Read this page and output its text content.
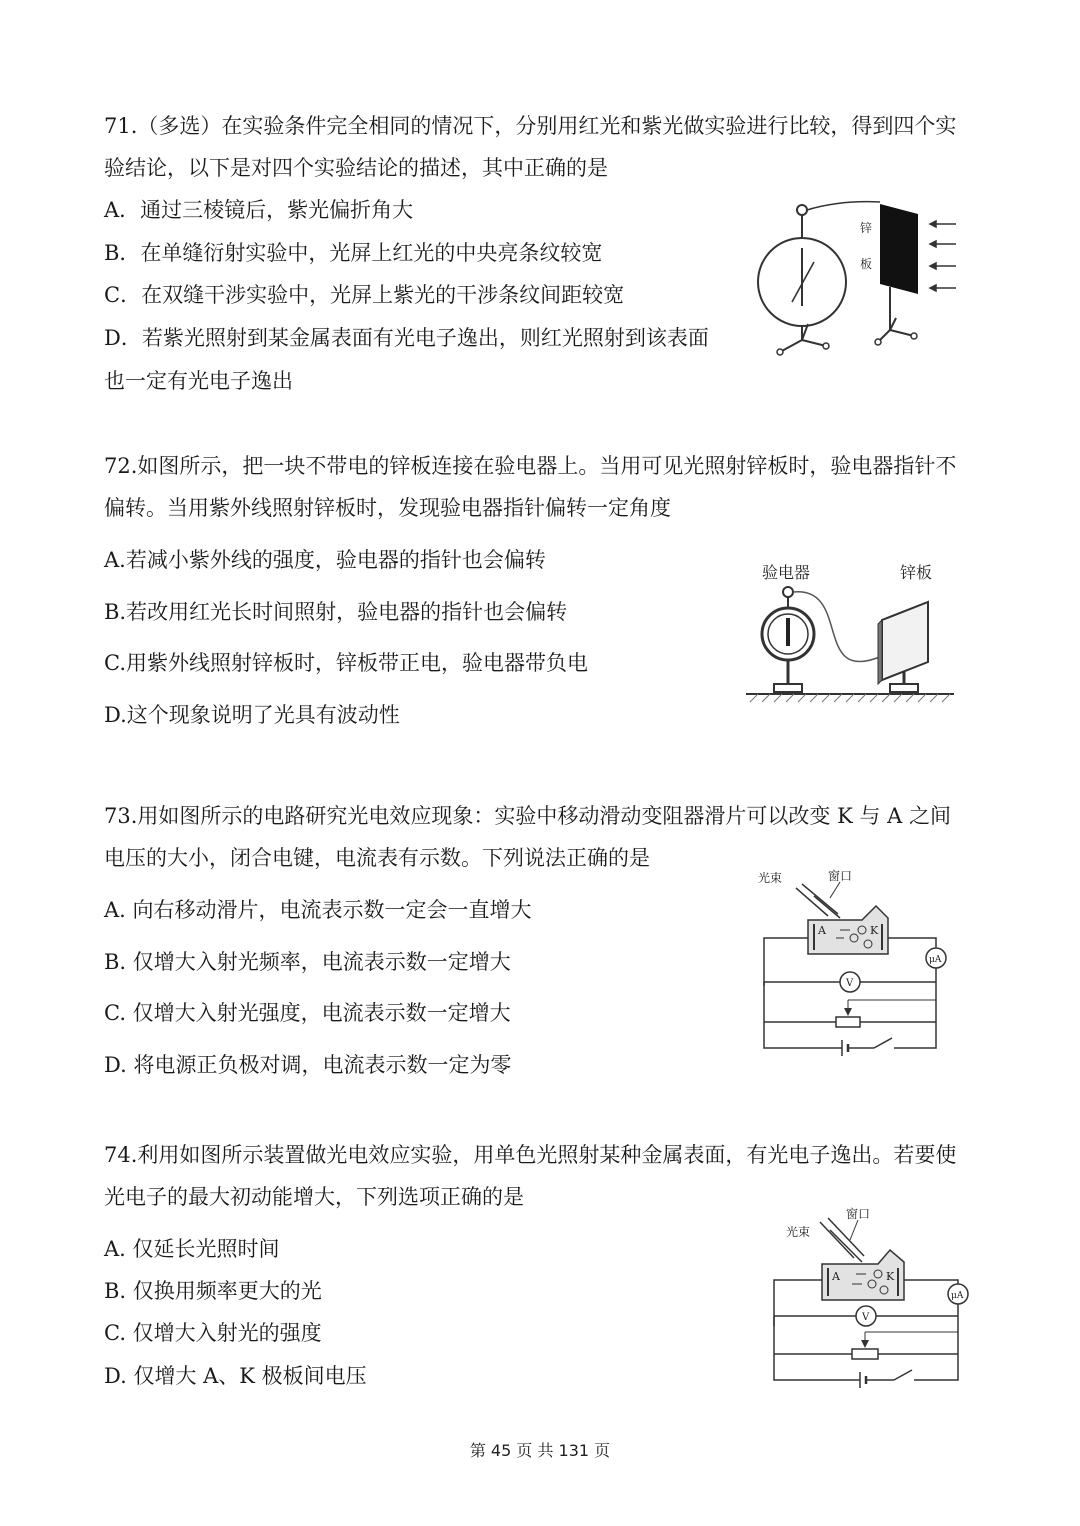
71.（多选）在实验条件完全相同的情况下，分别用红光和紫光做实验进行比较，得到四个实
验结论，以下是对四个实验结论的描述，其中正确的是
A．通过三棱镜后，紫光偏折角大
B．在单缝衍射实验中，光屏上红光的中央亮条纹较宽
C．在双缝干涉实验中，光屏上紫光的干涉条纹间距较宽
D．若紫光照射到某金属表面有光电子逸出，则红光照射到该表面
也一定有光电子逸出
锌
板
72.如图所示，把一块不带电的锌板连接在验电器上。当用可见光照射锌板时，验电器指针不
偏转。当用紫外线照射锌板时，发现验电器指针偏转一定角度
A.若减小紫外线的强度，验电器的指针也会偏转
B.若改用红光长时间照射，验电器的指针也会偏转
C.用紫外线照射锌板时，锌板带正电，验电器带负电
D.这个现象说明了光具有波动性
验电器	锌板
73.用如图所示的电路研究光电效应现象：实验中移动滑动变阻器滑片可以改变 K 与 A 之间
电压的大小，闭合电键，电流表有示数。下列说法正确的是
A. 向右移动滑片，电流表示数一定会一直增大
B. 仅增大入射光频率，电流表示数一定增大
C. 仅增大入射光强度，电流表示数一定增大
D. 将电源正负极对调，电流表示数一定为零
光束	窗口
A	K
μA
V
74.利用如图所示装置做光电效应实验，用单色光照射某种金属表面，有光电子逸出。若要使
光电子的最大初动能增大，下列选项正确的是
A. 仅延长光照时间
B. 仅换用频率更大的光
C. 仅增大入射光的强度
D. 仅增大 A、K 极板间电压
光束
窗口
A	K
μA
V
第 45 页 共 131 页
